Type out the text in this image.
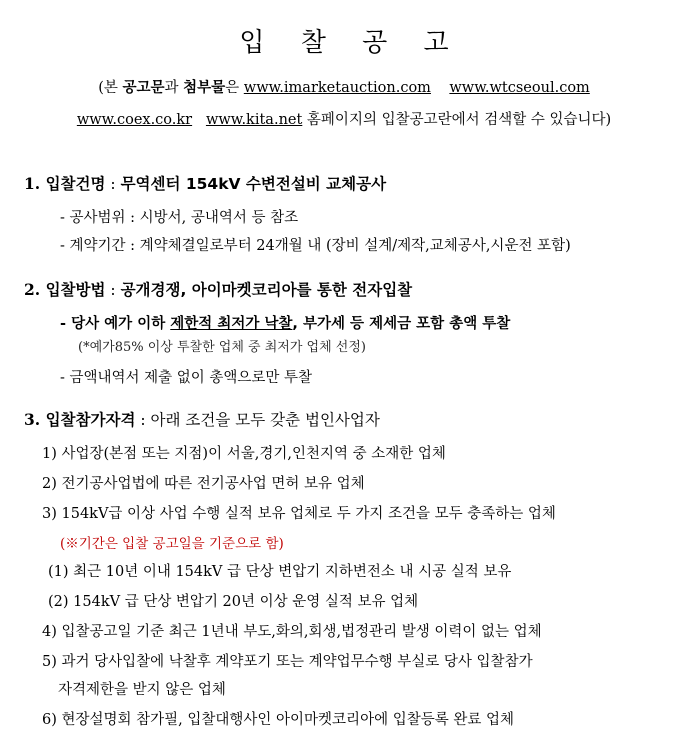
입 찰 공 고
(본 공고문과 첨부물은 www.imarketauction.com www.wtcseoul.com
www.coex.co.kr www.kita.net 홈페이지의 입찰공고란에서 검색할 수 있습니다)
1. 입찰건명 : 무역센터 154kV 수변전설비 교체공사
- 공사범위 : 시방서, 공내역서 등 참조
- 계약기간 : 계약체결일로부터 24개월 내 (장비 설계/제작,교체공사,시운전 포함)
2. 입찰방법 : 공개경쟁, 아이마켓코리아를 통한 전자입찰
- 당사 예가 이하 제한적 최저가 낙찰, 부가세 등 제세금 포함 총액 투찰
(*예가85% 이상 투찰한 업체 중 최저가 업체 선정)
- 금액내역서 제출 없이 총액으로만 투찰
3. 입찰참가자격 : 아래 조건을 모두 갖춘 법인사업자
1) 사업장(본점 또는 지점)이 서울,경기,인천지역 중 소재한 업체
2) 전기공사업법에 따른 전기공사업 면허 보유 업체
3) 154kV급 이상 사업 수행 실적 보유 업체로 두 가지 조건을 모두 충족하는 업체
(※기간은 입찰 공고일을 기준으로 함)
(1) 최근 10년 이내 154kV 급 단상 변압기 지하변전소 내 시공 실적 보유
(2) 154kV 급 단상 변압기 20년 이상 운영 실적 보유 업체
4) 입찰공고일 기준 최근 1년내 부도,화의,회생,법정관리 발생 이력이 없는 업체
5) 과거 당사입찰에 낙찰후 계약포기 또는 계약업무수행 부실로 당사 입찰참가
자격제한을 받지 않은 업체
6) 현장설명회 참가필, 입찰대행사인 아이마켓코리아에 입찰등록 완료 업체
